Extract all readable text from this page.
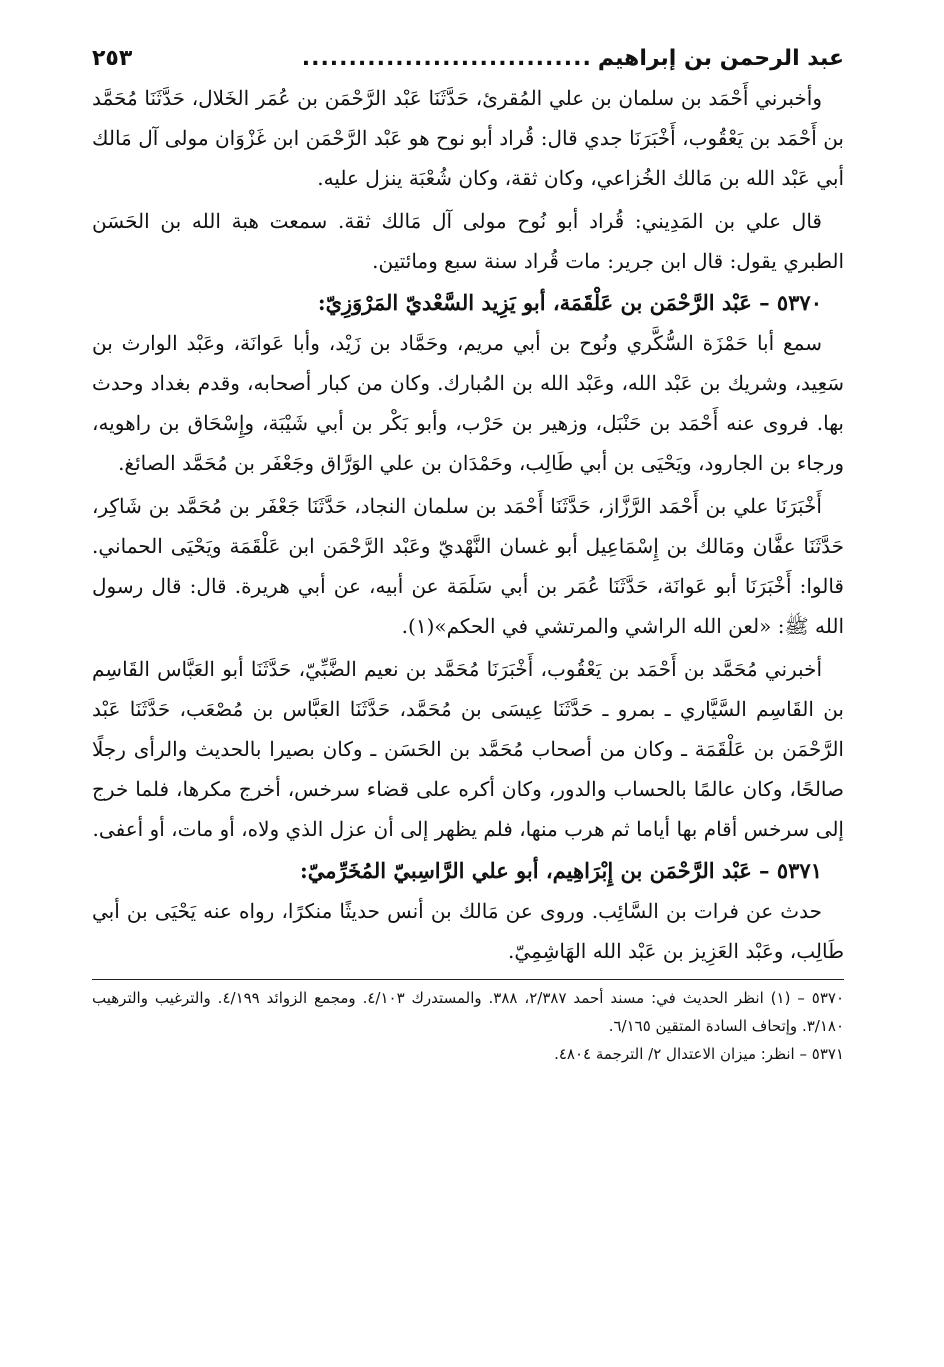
عبد الرحمن بن إبراهيم
...............................
٢٥٣

وأخبرني أَحْمَد بن سلمان بن علي المُقرئ، حَدَّثَنَا عَبْد الرَّحْمَن بن عُمَر الخَلال، حَدَّثَنَا مُحَمَّد بن أَحْمَد بن يَعْقُوب، أَخْبَرَنَا جدي قال: قُراد أبو نوح هو عَبْد الرَّحْمَن ابن غَزْوَان مولى آل مَالك أبي عَبْد الله بن مَالك الخُزاعي، وكان ثقة، وكان شُعْبَة ينزل عليه.

قال علي بن المَدِيني: قُراد أبو نُوح مولى آل مَالك ثقة. سمعت هبة الله بن الحَسَن الطبري يقول: قال ابن جرير: مات قُراد سنة سبع ومائتين.

٥٣٧٠ – عَبْد الرَّحْمَن بن عَلْقَمَة، أبو يَزِيد السَّعْديّ المَرْوَزِيّ:

سمع أبا حَمْزَة السُّكَّري ونُوح بن أبي مريم، وحَمَّاد بن زَيْد، وأبا عَوانَة، وعَبْد الوارث بن سَعِيد، وشريك بن عَبْد الله، وعَبْد الله بن المُبارك. وكان من كبار أصحابه، وقدم بغداد وحدث بها. فروى عنه أَحْمَد بن حَنْبَل، وزهير بن حَرْب، وأبو بَكْر بن أبي شَيْبَة، وإِسْحَاق بن راهويه، ورجاء بن الجارود، ويَحْيَى بن أبي طَالِب، وحَمْدَان بن علي الوَرَّاق وجَعْفَر بن مُحَمَّد الصائغ.

أَخْبَرَنَا علي بن أَحْمَد الرَّزَّاز، حَدَّثَنَا أَحْمَد بن سلمان النجاد، حَدَّثَنَا جَعْفَر بن مُحَمَّد بن شَاكِر، حَدَّثَنَا عفَّان ومَالك بن إِسْمَاعِيل أبو غسان النَّهْديّ وعَبْد الرَّحْمَن ابن عَلْقَمَة ويَحْيَى الحماني. قالوا: أَخْبَرَنَا أبو عَوانَة، حَدَّثَنَا عُمَر بن أبي سَلَمَة عن أبيه، عن أبي هريرة. قال: قال رسول الله ﷺ: «لعن الله الراشي والمرتشي في الحكم»(١).

أخبرني مُحَمَّد بن أَحْمَد بن يَعْقُوب، أَخْبَرَنَا مُحَمَّد بن نعيم الضَّبِّيّ، حَدَّثَنَا أبو العَبَّاس القَاسِم بن القَاسِم السَّيَّاري ـ بمرو ـ حَدَّثَنَا عِيسَى بن مُحَمَّد، حَدَّثَنَا العَبَّاس بن مُصْعَب، حَدَّثَنَا عَبْد الرَّحْمَن بن عَلْقَمَة ـ وكان من أصحاب مُحَمَّد بن الحَسَن ـ وكان بصيرا بالحديث والرأى رجلًا صالحًا، وكان عالمًا بالحساب والدور، وكان أكره على قضاء سرخس، أخرج مكرها، فلما خرج إلى سرخس أقام بها أياما ثم هرب منها، فلم يظهر إلى أن عزل الذي ولاه، أو مات، أو أعفى.

٥٣٧١ – عَبْد الرَّحْمَن بن إِبْرَاهِيم، أبو علي الرَّاسِبيّ المُخَرِّميّ:

حدث عن فرات بن السَّائِب. وروى عن مَالك بن أنس حديثًا منكرًا، رواه عنه يَحْيَى بن أبي طَالِب، وعَبْد العَزِيز بن عَبْد الله الهَاشِمِيّ.

٥٣٧٠ – (١) انظر الحديث في: مسند أحمد ٢/٣٨٧، ٣٨٨. والمستدرك ٤/١٠٣. ومجمع الزوائد ٤/١٩٩. والترغيب والترهيب ٣/١٨٠. وإتحاف السادة المتقين ٦/١٦٥.

٥٣٧١ – انظر: ميزان الاعتدال ٢/ الترجمة ٤٨٠٤.
